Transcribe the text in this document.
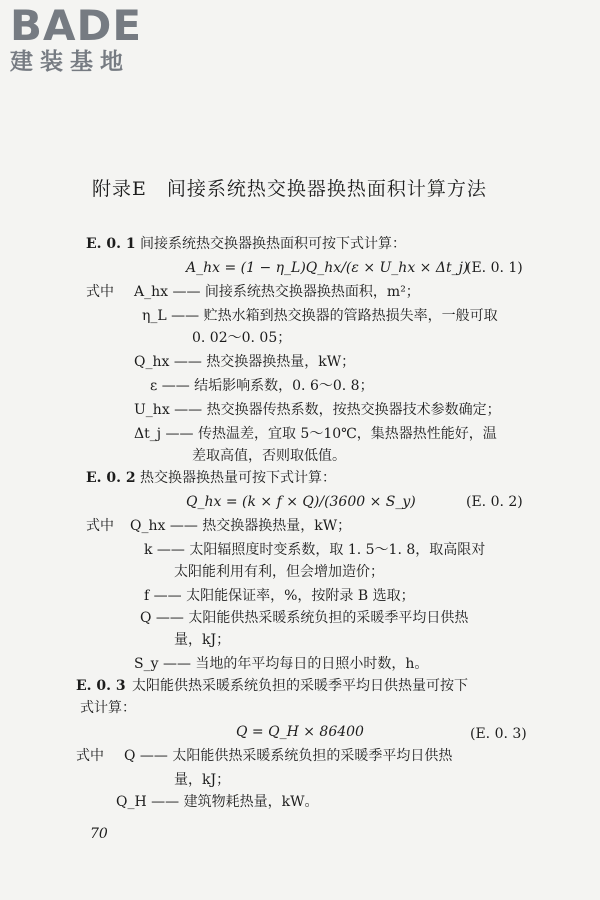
BADE
建装基地
附录E　间接系统热交换器换热面积计算方法
E. 0. 1 间接系统热交换器换热面积可按下式计算：
A_hx = (1 − η_L)Q_hx/(ε × U_hx × Δt_j)
(E. 0. 1)
式中 A_hx —— 间接系统热交换器换热面积，m²；
η_L —— 贮热水箱到热交换器的管路热损失率，一般可取
0. 02～0. 05；
Q_hx —— 热交换器换热量，kW；
ε —— 结垢影响系数，0. 6～0. 8；
U_hx —— 热交换器传热系数，按热交换器技术参数确定；
Δt_j —— 传热温差，宜取 5～10℃，集热器热性能好，温
差取高值，否则取低值。
E. 0. 2 热交换器换热量可按下式计算：
Q_hx = (k × f × Q)/(3600 × S_y)	(E. 0. 2)
式中 Q_hx —— 热交换器换热量，kW；
k —— 太阳辐照度时变系数，取 1. 5～1. 8，取高限对
太阳能利用有利，但会增加造价；
f —— 太阳能保证率，%，按附录 B 选取；
Q —— 太阳能供热采暖系统负担的采暖季平均日供热
量，kJ；
S_y —— 当地的年平均每日的日照小时数，h。
E. 0. 3 太阳能供热采暖系统负担的采暖季平均日供热量可按下
式计算：
Q = Q_H × 86400	(E. 0. 3)
式中 Q —— 太阳能供热采暖系统负担的采暖季平均日供热
量，kJ；
Q_H —— 建筑物耗热量，kW。
70
